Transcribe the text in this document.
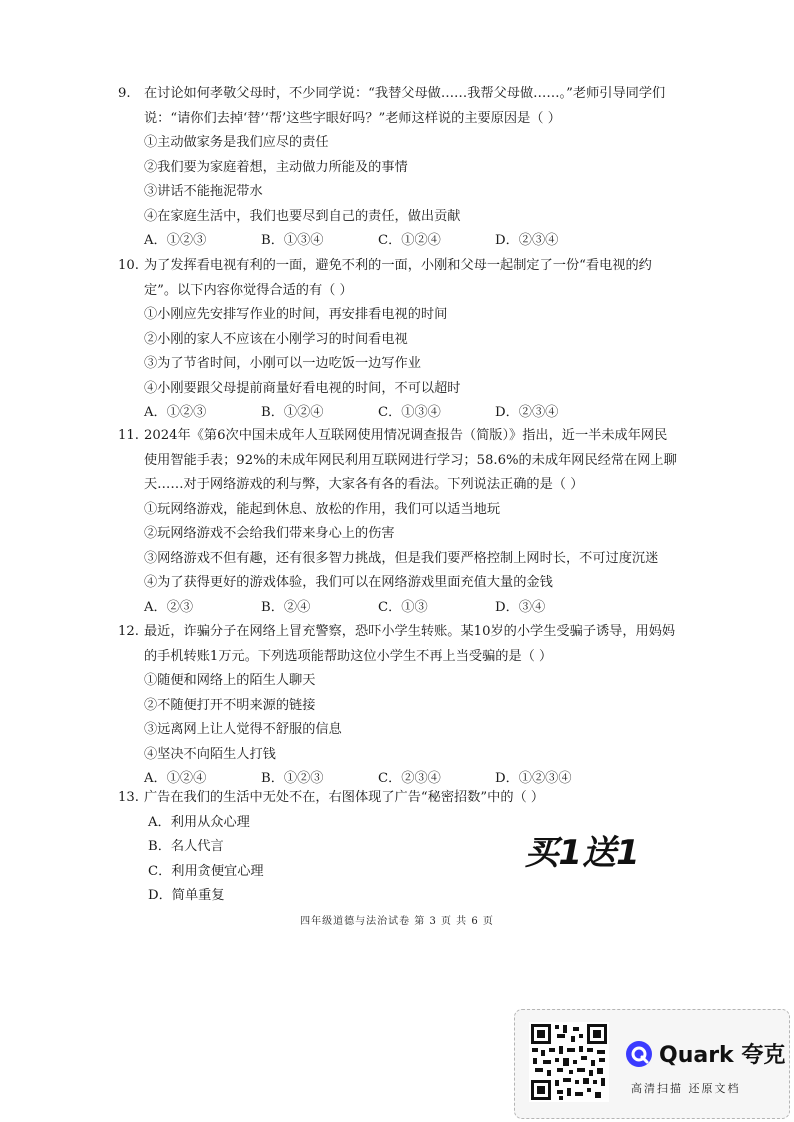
9. 在讨论如何孝敬父母时，不少同学说：“我替父母做……我帮父母做……。”老师引导同学们说：“请你们去掉‘替’‘帮’这些字眼好吗？”老师这样说的主要原因是（ ）
①主动做家务是我们应尽的责任
②我们要为家庭着想，主动做力所能及的事情
③讲话不能拖泥带水
④在家庭生活中，我们也要尽到自己的责任，做出贡献
A．①②③	B．①③④	C．①②④	D．②③④
10. 为了发挥看电视有利的一面，避免不利的一面，小刚和父母一起制定了一份“看电视的约定”。以下内容你觉得合适的有（ ）
①小刚应先安排写作业的时间，再安排看电视的时间
②小刚的家人不应该在小刚学习的时间看电视
③为了节省时间，小刚可以一边吃饭一边写作业
④小刚要跟父母提前商量好看电视的时间，不可以超时
A．①②③	B．①②④	C．①③④	D．②③④
11. 2024年《第6次中国未成年人互联网使用情况调查报告（简版）》指出，近一半未成年网民使用智能手表；92%的未成年网民利用互联网进行学习；58.6%的未成年网民经常在网上聊天……对于网络游戏的利与弊，大家各有各的看法。下列说法正确的是（ ）
①玩网络游戏，能起到休息、放松的作用，我们可以适当地玩
②玩网络游戏不会给我们带来身心上的伤害
③网络游戏不但有趣，还有很多智力挑战，但是我们要严格控制上网时长，不可过度沉迷
④为了获得更好的游戏体验，我们可以在网络游戏里面充值大量的金钱
A．②③	B．②④	C．①③	D．③④
12. 最近，诈骗分子在网络上冒充警察，恐吓小学生转账。某10岁的小学生受骗子诱导，用妈妈的手机转账1万元。下列选项能帮助这位小学生不再上当受骗的是（ ）
①随便和网络上的陌生人聊天
②不随便打开不明来源的链接
③远离网上让人觉得不舒服的信息
④坚决不向陌生人打钱
A．①②④	B．①②③	C．②③④	D．①②③④
13. 广告在我们的生活中无处不在，右图体现了广告“秘密招数”中的（ ）
A．利用从众心理
B．名人代言
C．利用贪便宜心理
D．简单重复
买1送1
四年级道德与法治试卷 第 3 页 共 6 页
Quark 夸克
高清扫描 还原文档
